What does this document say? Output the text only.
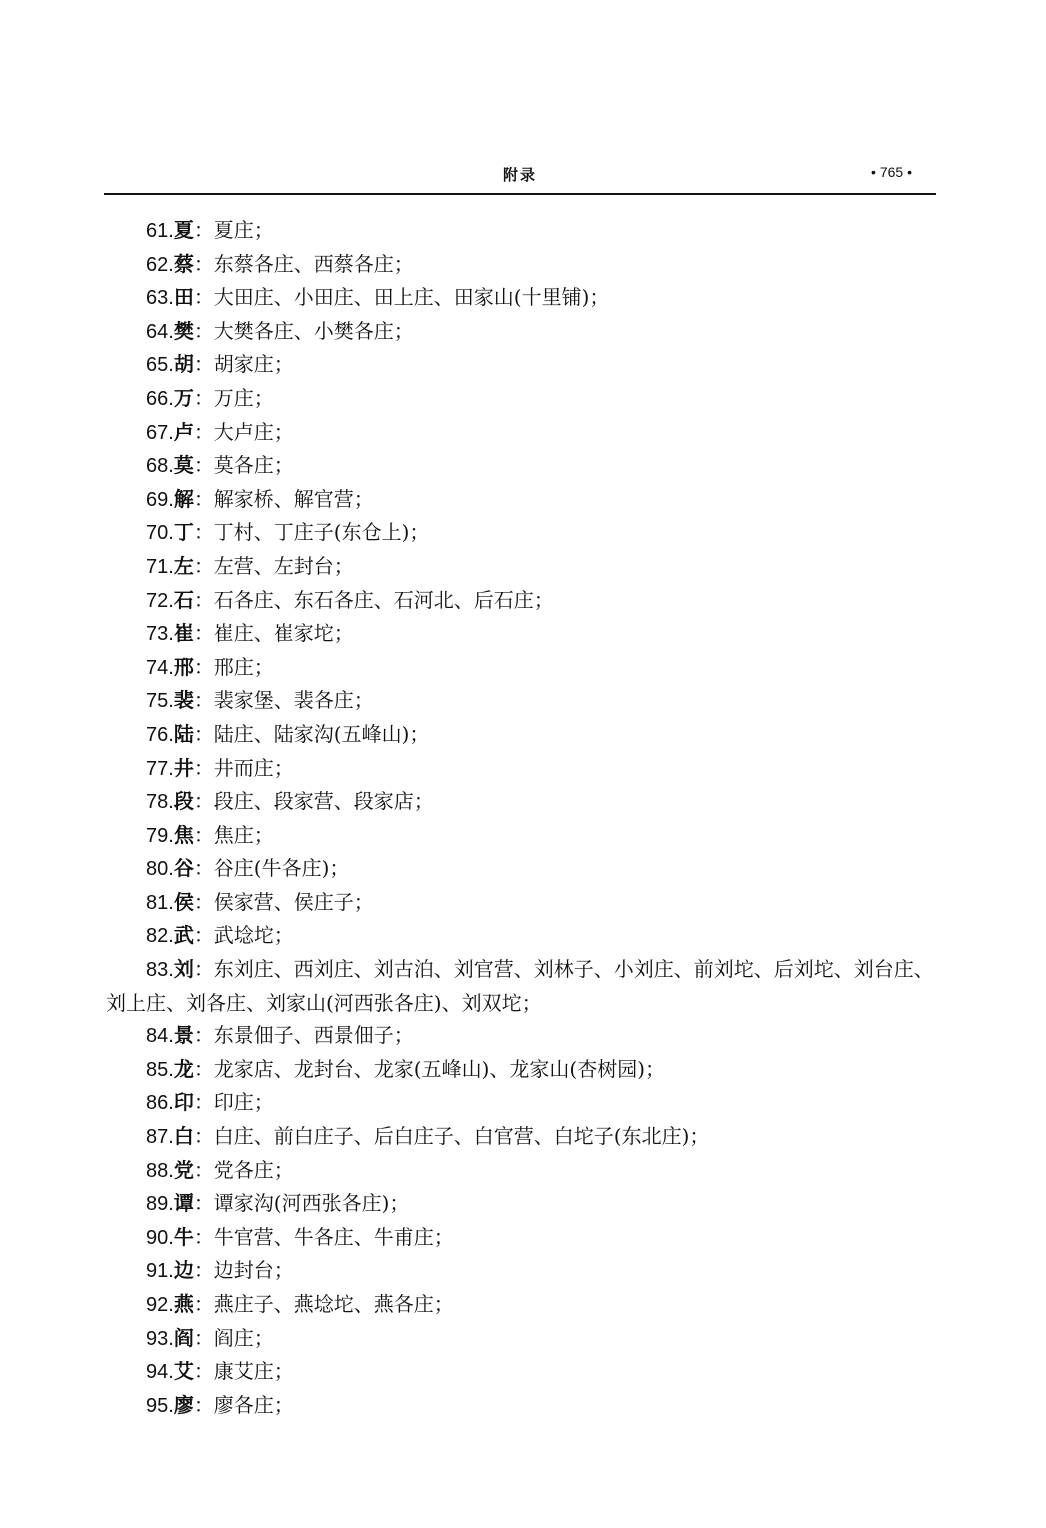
附录	• 765 •

61.夏：夏庄；

62.蔡：东蔡各庄、西蔡各庄；

63.田：大田庄、小田庄、田上庄、田家山(十里铺)；

64.樊：大樊各庄、小樊各庄；

65.胡：胡家庄；

66.万：万庄；

67.卢：大卢庄；

68.莫：莫各庄；

69.解：解家桥、解官营；

70.丁：丁村、丁庄子(东仓上)；

71.左：左营、左封台；

72.石：石各庄、东石各庄、石河北、后石庄；

73.崔：崔庄、崔家坨；

74.邢：邢庄；

75.裴：裴家堡、裴各庄；

76.陆：陆庄、陆家沟(五峰山)；

77.井：井而庄；

78.段：段庄、段家营、段家店；

79.焦：焦庄；

80.谷：谷庄(牛各庄)；

81.侯：侯家营、侯庄子；

82.武：武埝坨；

83.刘：东刘庄、西刘庄、刘古泊、刘官营、刘林子、小刘庄、前刘坨、后刘坨、刘台庄、刘上庄、刘各庄、刘家山(河西张各庄)、刘双坨；

84.景：东景佃子、西景佃子；

85.龙：龙家店、龙封台、龙家(五峰山)、龙家山(杏树园)；

86.印：印庄；

87.白：白庄、前白庄子、后白庄子、白官营、白坨子(东北庄)；

88.党：党各庄；

89.谭：谭家沟(河西张各庄)；

90.牛：牛官营、牛各庄、牛甫庄；

91.边：边封台；

92.燕：燕庄子、燕埝坨、燕各庄；

93.阎：阎庄；

94.艾：康艾庄；

95.廖：廖各庄；
